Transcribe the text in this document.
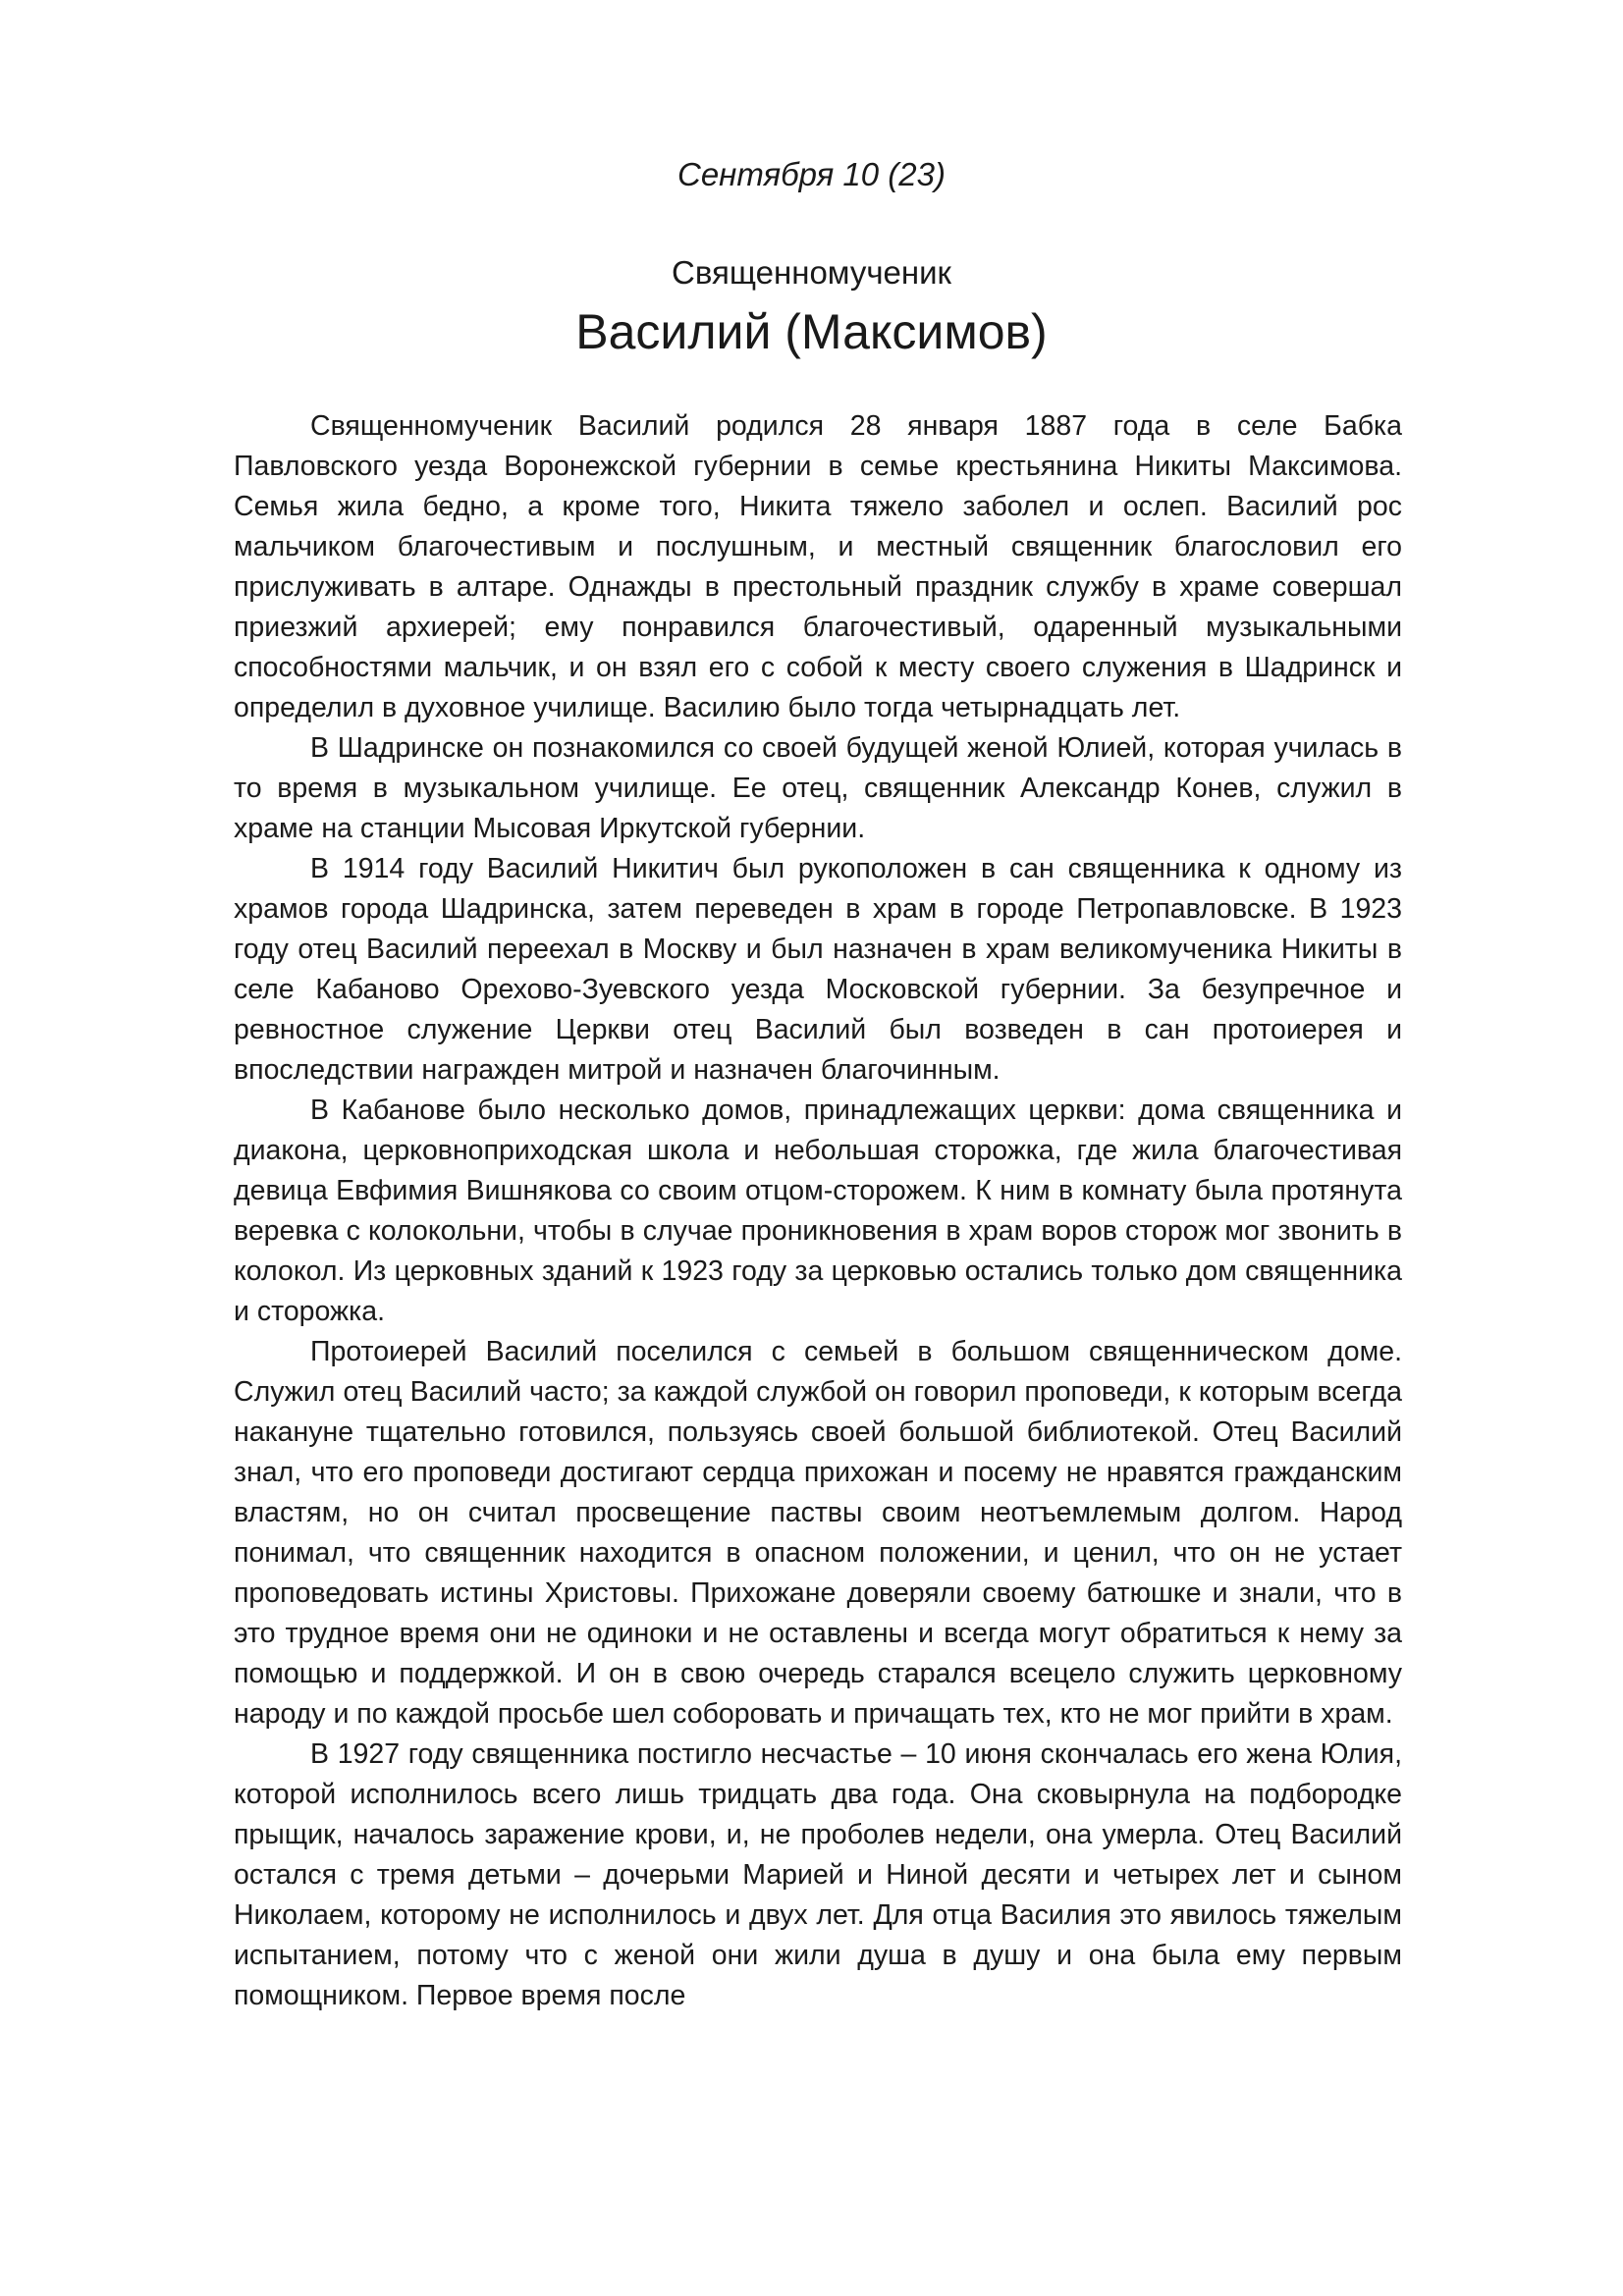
Сентября 10 (23)
Священномученик
Василий (Максимов)

Священномученик Василий родился 28 января 1887 года в селе Бабка Павловского уезда Воронежской губернии в семье крестьянина Никиты Максимова. Семья жила бедно, а кроме того, Никита тяжело заболел и ослеп. Василий рос мальчиком благочестивым и послушным, и местный священник благословил его прислуживать в алтаре. Однажды в престольный праздник службу в храме совершал приезжий архиерей; ему понравился благочестивый, одаренный музыкальными способностями мальчик, и он взял его с собой к месту своего служения в Шадринск и определил в духовное училище. Василию было тогда четырнадцать лет.

В Шадринске он познакомился со своей будущей женой Юлией, которая училась в то время в музыкальном училище. Ее отец, священник Александр Конев, служил в храме на станции Мысовая Иркутской губернии.

В 1914 году Василий Никитич был рукоположен в сан священника к одному из храмов города Шадринска, затем переведен в храм в городе Петропавловске. В 1923 году отец Василий переехал в Москву и был назначен в храм великомученика Никиты в селе Кабаново Орехово-Зуевского уезда Московской губернии. За безупречное и ревностное служение Церкви отец Василий был возведен в сан протоиерея и впоследствии награжден митрой и назначен благочинным.

В Кабанове было несколько домов, принадлежащих церкви: дома священника и диакона, церковноприходская школа и небольшая сторожка, где жила благочестивая девица Евфимия Вишнякова со своим отцом-сторожем. К ним в комнату была протянута веревка с колокольни, чтобы в случае проникновения в храм воров сторож мог звонить в колокол. Из церковных зданий к 1923 году за церковью остались только дом священника и сторожка.

Протоиерей Василий поселился с семьей в большом священническом доме. Служил отец Василий часто; за каждой службой он говорил проповеди, к которым всегда накануне тщательно готовился, пользуясь своей большой библиотекой. Отец Василий знал, что его проповеди достигают сердца прихожан и посему не нравятся гражданским властям, но он считал просвещение паствы своим неотъемлемым долгом. Народ понимал, что священник находится в опасном положении, и ценил, что он не устает проповедовать истины Христовы. Прихожане доверяли своему батюшке и знали, что в это трудное время они не одиноки и не оставлены и всегда могут обратиться к нему за помощью и поддержкой. И он в свою очередь старался всецело служить церковному народу и по каждой просьбе шел соборовать и причащать тех, кто не мог прийти в храм.

В 1927 году священника постигло несчастье – 10 июня скончалась его жена Юлия, которой исполнилось всего лишь тридцать два года. Она сковырнула на подбородке прыщик, началось заражение крови, и, не проболев недели, она умерла. Отец Василий остался с тремя детьми – дочерьми Марией и Ниной десяти и четырех лет и сыном Николаем, которому не исполнилось и двух лет. Для отца Василия это явилось тяжелым испытанием, потому что с женой они жили душа в душу и она была ему первым помощником. Первое время после
